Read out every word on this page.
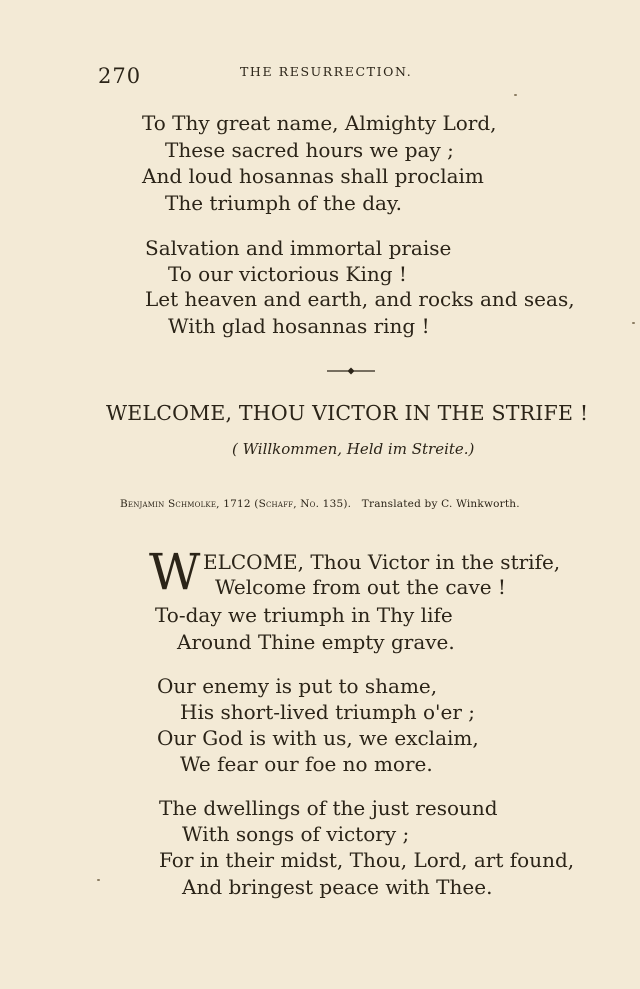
270	THE RESURRECTION.
To Thy great name, Almighty Lord,
These sacred hours we pay ;
And loud hosannas shall proclaim
The triumph of the day.
Salvation and immortal praise
To our victorious King !
Let heaven and earth, and rocks and seas,
With glad hosannas ring !
WELCOME, THOU VICTOR IN THE STRIFE !
( Willkommen, Held im Streite.)
Benjamin Schmolke, 1712 (Schaff, No. 135). Translated by C. Winkworth.
W ELCOME, Thou Victor in the strife,
Welcome from out the cave !
To-day we triumph in Thy life
Around Thine empty grave.
Our enemy is put to shame,
His short-lived triumph o'er ;
Our God is with us, we exclaim,
We fear our foe no more.
The dwellings of the just resound
With songs of victory ;
For in their midst, Thou, Lord, art found,
And bringest peace with Thee.
